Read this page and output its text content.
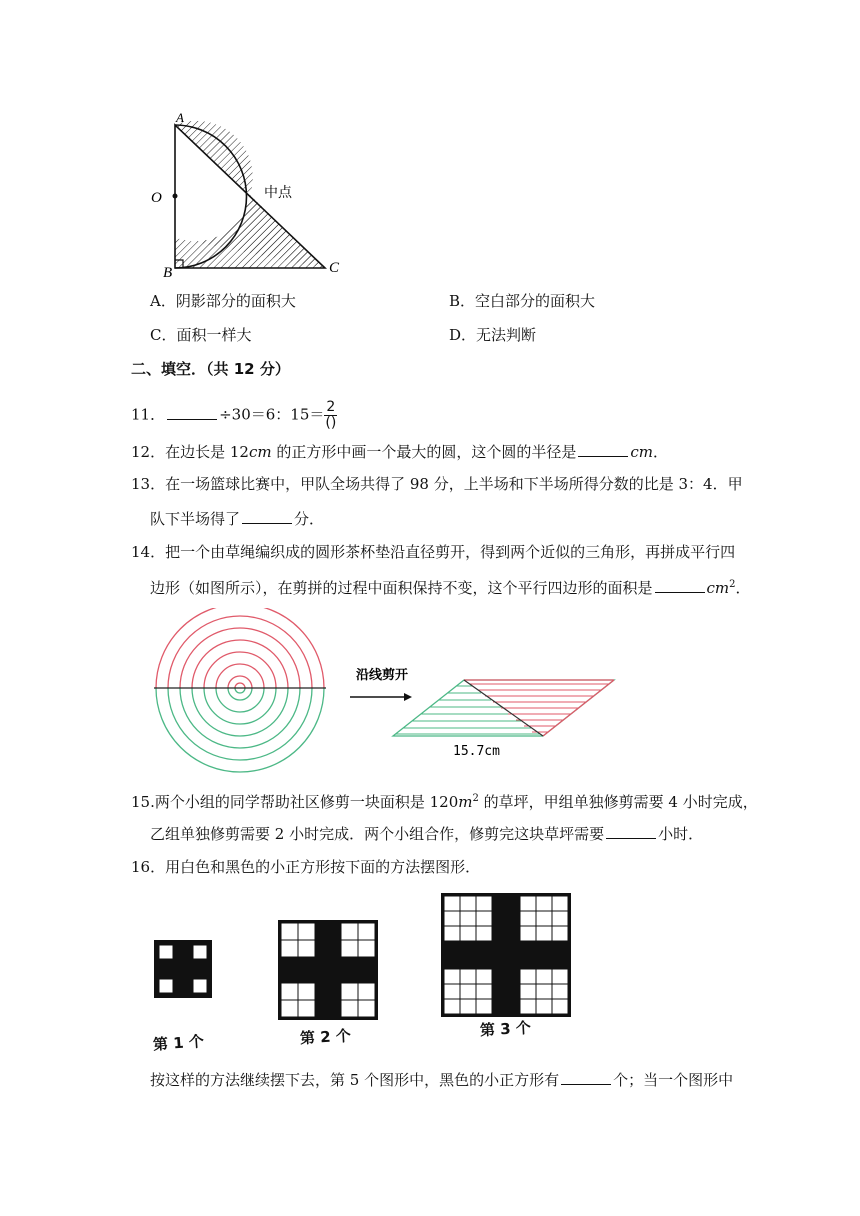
A
O
B	C
中点
A．阴影部分的面积大	B．空白部分的面积大
C．面积一样大	D．无法判断
二、填空．（共 12 分）
11．	÷30＝6：$15= \frac{2}{()}$
12．在边长是 12cm 的正方形中画一个最大的圆，这个圆的半径是	cm．
13．在一场篮球比赛中，甲队全场共得了 98 分，上半场和下半场所得分数的比是 3：4．甲
队下半场得了	分．
14．把一个由草绳编织成的圆形茶杯垫沿直径剪开，得到两个近似的三角形，再拼成平行四
边形（如图所示），在剪拼的过程中面积保持不变，这个平行四边形的面积是	$cm^2$．
沿线剪开
15.7cm
15.两个小组的同学帮助社区修剪一块面积是 $120m^2$ 的草坪，甲组单独修剪需要 4 小时完成，
乙组单独修剪需要 2 小时完成．两个小组合作，修剪完这块草坪需要	小时．
16．用白色和黑色的小正方形按下面的方法摆图形．
第 1 个	第 2 个	第 3 个
按这样的方法继续摆下去，第 5 个图形中，黑色的小正方形有	个；当一个图形中
